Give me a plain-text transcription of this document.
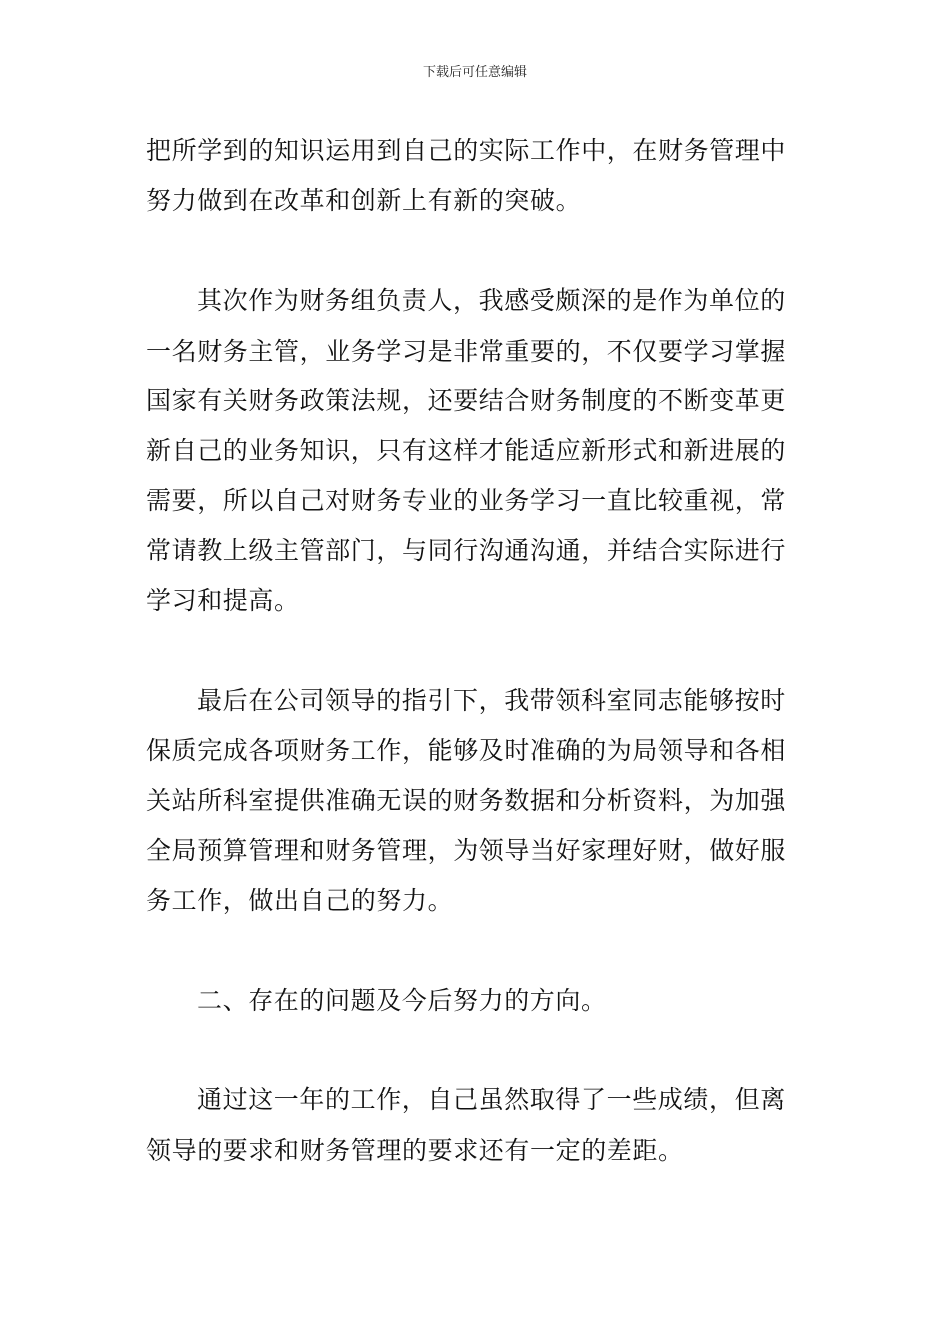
下载后可任意编辑
把所学到的知识运用到自己的实际工作中，在财务管理中
努力做到在改革和创新上有新的突破。
其次作为财务组负责人，我感受颇深的是作为单位的
一名财务主管，业务学习是非常重要的，不仅要学习掌握
国家有关财务政策法规，还要结合财务制度的不断变革更
新自己的业务知识，只有这样才能适应新形式和新进展的
需要，所以自己对财务专业的业务学习一直比较重视，常
常请教上级主管部门，与同行沟通沟通，并结合实际进行
学习和提高。
最后在公司领导的指引下，我带领科室同志能够按时
保质完成各项财务工作，能够及时准确的为局领导和各相
关站所科室提供准确无误的财务数据和分析资料，为加强
全局预算管理和财务管理，为领导当好家理好财，做好服
务工作，做出自己的努力。
二、存在的问题及今后努力的方向。
通过这一年的工作，自己虽然取得了一些成绩，但离
领导的要求和财务管理的要求还有一定的差距。
